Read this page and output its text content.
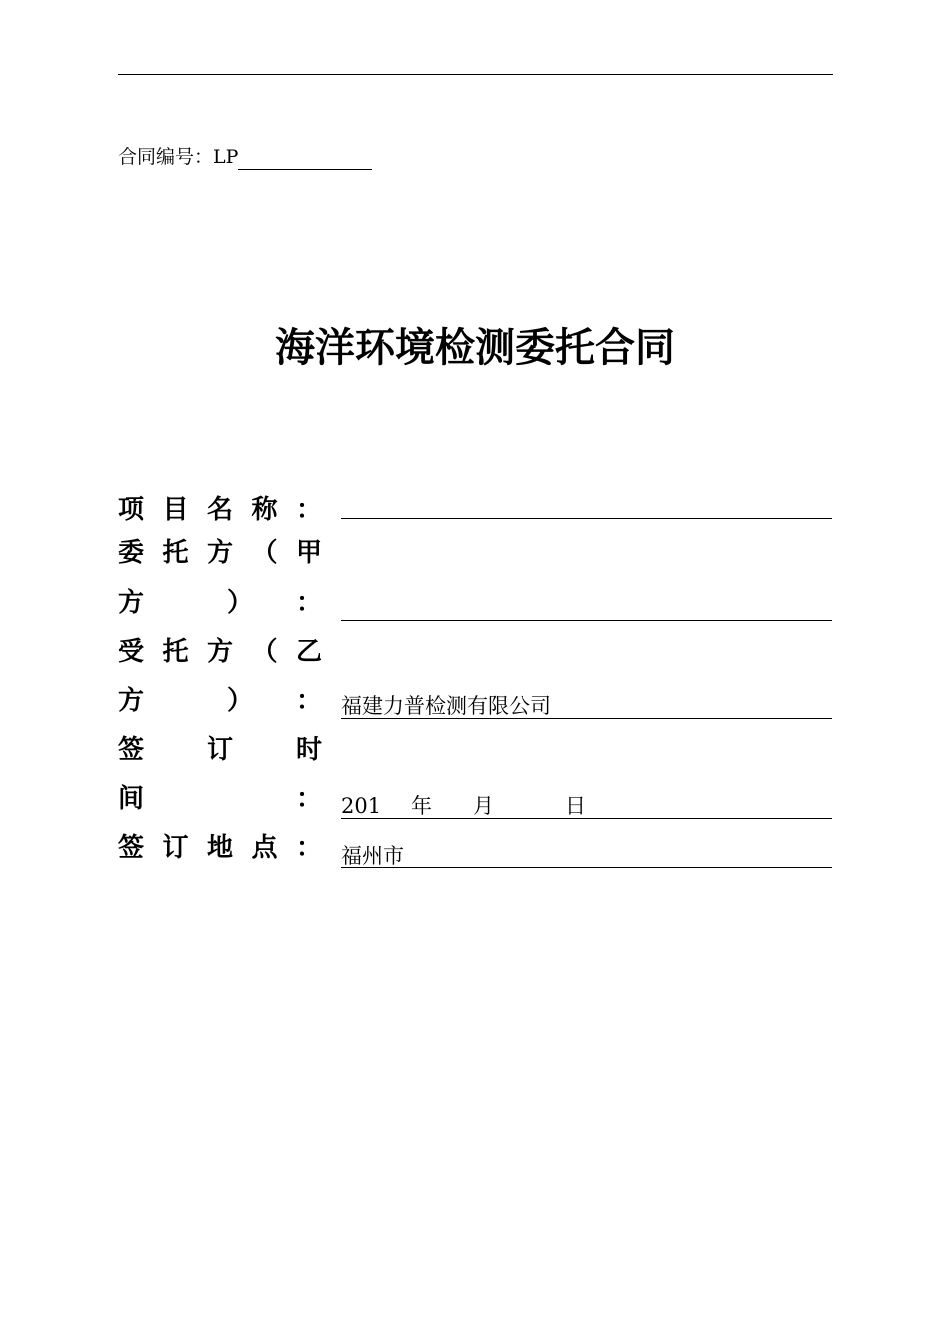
合同编号：LP
海洋环境检测委托合同
项 目 名 称 ：
委 托 方 （ 甲
方	） ：
受 托 方 （ 乙
方	） ： 福建力普检测有限公司
签 订 时
间	： 201 年 月	日
签 订 地 点 ： 福州市
